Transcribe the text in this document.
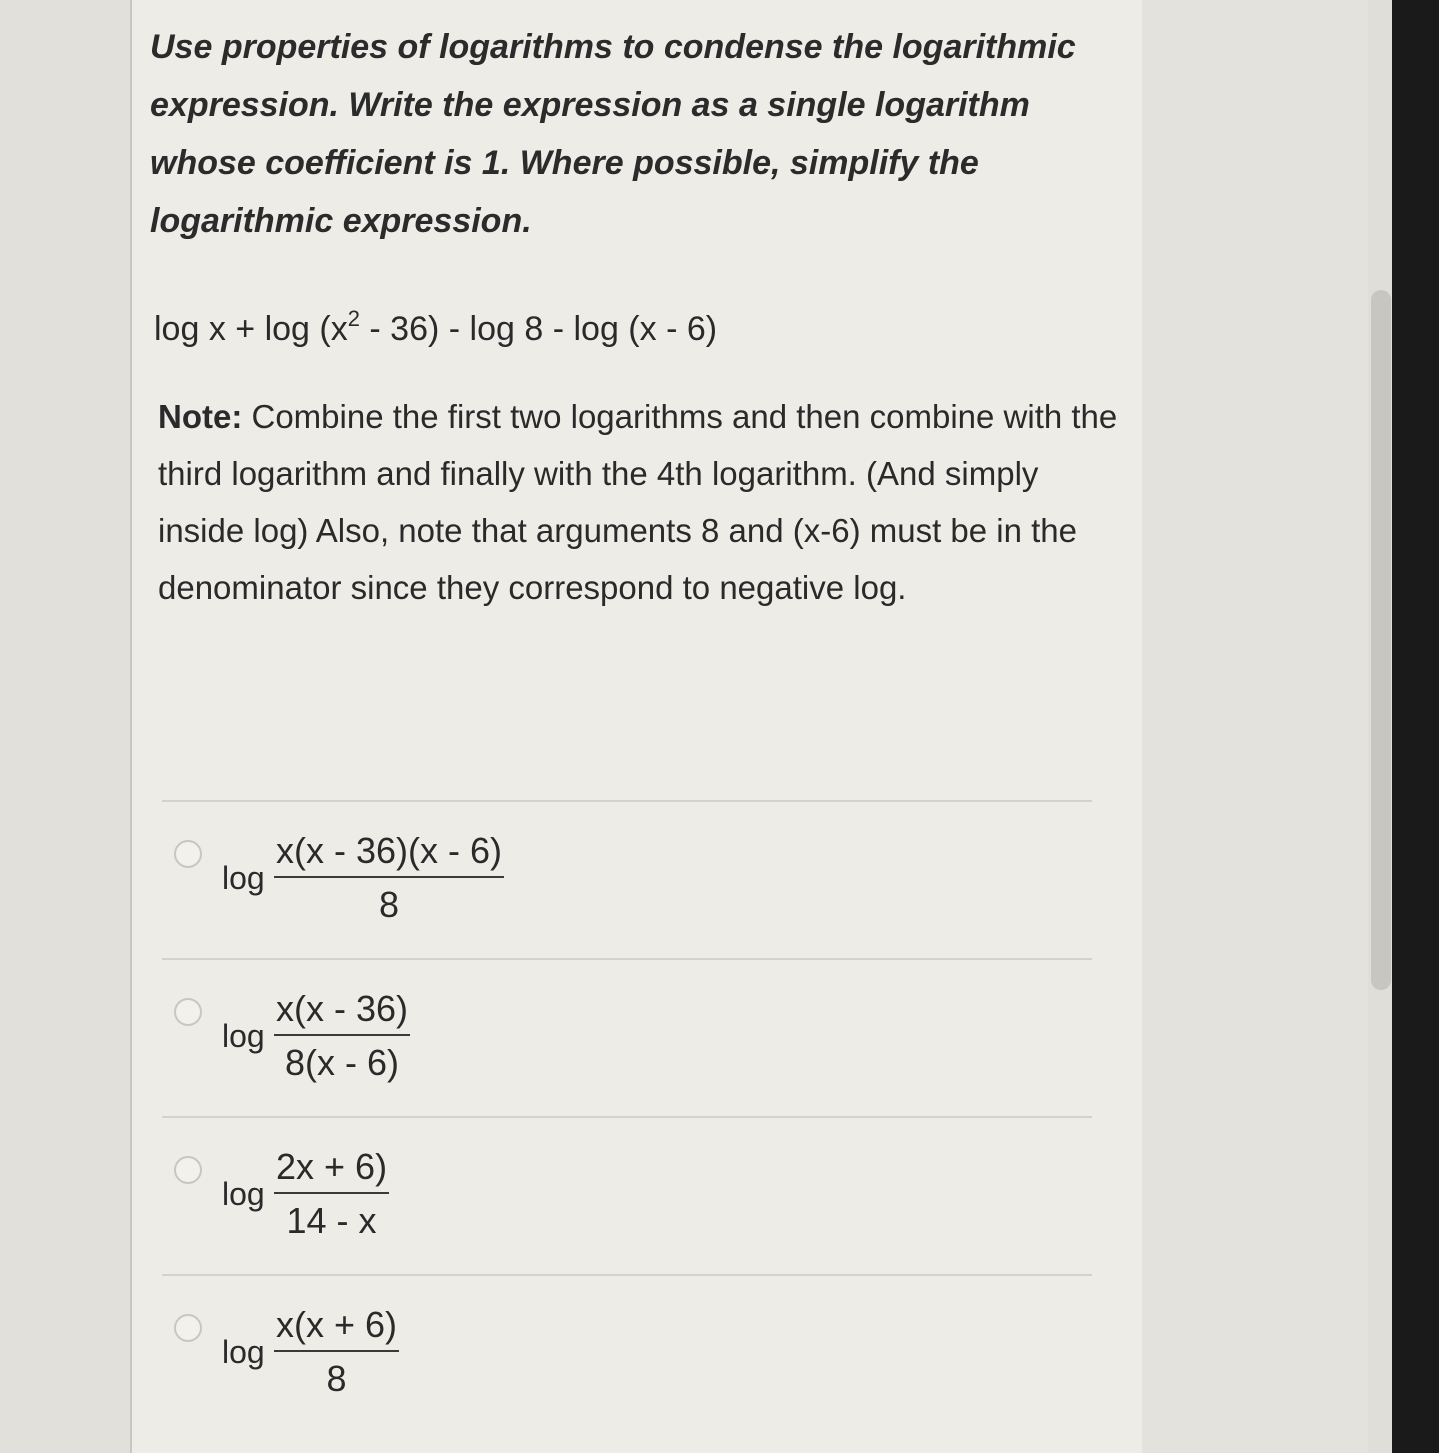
Use properties of logarithms to condense the logarithmic expression. Write the expression as a single logarithm whose coefficient is 1. Where possible, simplify the logarithmic expression.

$\log x + \log (x^2 - 36) - \log 8 - \log (x - 6)$

Note: Combine the first two logarithms and then combine with the third logarithm and finally with the 4th logarithm. (And simply inside log) Also, note that arguments 8 and (x-6) must be in the denominator since they correspond to negative log.

$\log \frac{x(x - 36)(x - 6)}{8}$
$\log \frac{x(x - 36)}{8(x - 6)}$
$\log \frac{2x + 6)}{14 - x}$
$\log \frac{x(x + 6)}{8}$
